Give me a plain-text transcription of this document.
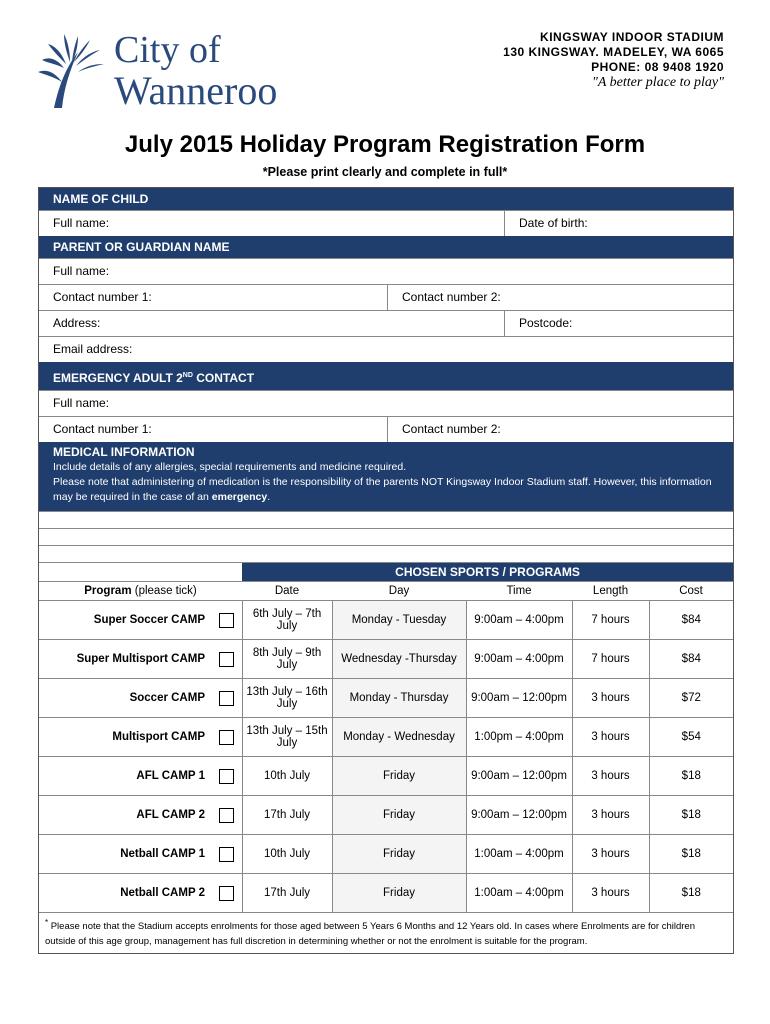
City of
Wanneroo
KINGSWAY INDOOR STADIUM
130 KINGSWAY. MADELEY, WA 6065
PHONE: 08 9408 1920
"A better place to play"
July 2015 Holiday Program Registration Form
*Please print clearly and complete in full*
NAME OF CHILD
Full name:	Date of birth:
PARENT OR GUARDIAN NAME
Full name:
Contact number 1:	Contact number 2:
Address:	Postcode:
Email address:
EMERGENCY ADULT 2ND CONTACT
Full name:
Contact number 1:	Contact number 2:
MEDICAL INFORMATION
Include details of any allergies, special requirements and medicine required.
Please note that administering of medication is the responsibility of the parents NOT Kingsway Indoor Stadium staff. However, this information may be required in the case of an emergency.
CHOSEN SPORTS / PROGRAMS
Program (please tick)		Date	Day	Time	Length	Cost
Super Soccer CAMP		6th July – 7th July	Monday - Tuesday	9:00am – 4:00pm	7 hours	$84
Super Multisport CAMP		8th July – 9th July	Wednesday -Thursday	9:00am – 4:00pm	7 hours	$84
Soccer CAMP		13th July – 16th July	Monday - Thursday	9:00am – 12:00pm	3 hours	$72
Multisport CAMP		13th July – 15th July	Monday - Wednesday	1:00pm – 4:00pm	3 hours	$54
AFL CAMP 1		10th July	Friday	9:00am – 12:00pm	3 hours	$18
AFL CAMP 2		17th July	Friday	9:00am – 12:00pm	3 hours	$18
Netball CAMP 1		10th July	Friday	1:00am – 4:00pm	3 hours	$18
Netball CAMP 2		17th July	Friday	1:00am – 4:00pm	3 hours	$18
* Please note that the Stadium accepts enrolments for those aged between 5 Years 6 Months and 12 Years old. In cases where Enrolments are for children outside of this age group, management has full discretion in determining whether or not the enrolment is suitable for the program.
